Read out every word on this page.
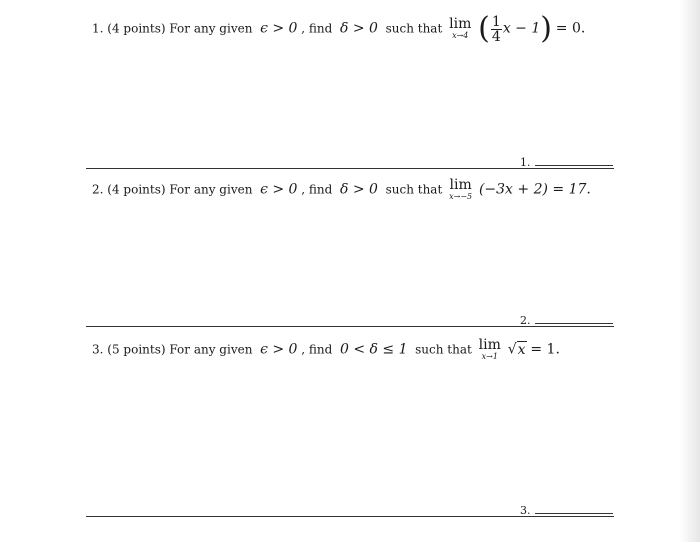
1. (4 points) For any given ϵ > 0 , find δ > 0 such that lim
x→4 ( $\frac{1}{4}$ x − 1) = 0.
1.
2. (4 points) For any given ϵ > 0 , find δ > 0 such that lim
x→−5 (−3x + 2) = 17.
2.
3. (5 points) For any given ϵ > 0 , find 0 < δ ≤ 1 such that lim
x→1 √x = 1.
3.
